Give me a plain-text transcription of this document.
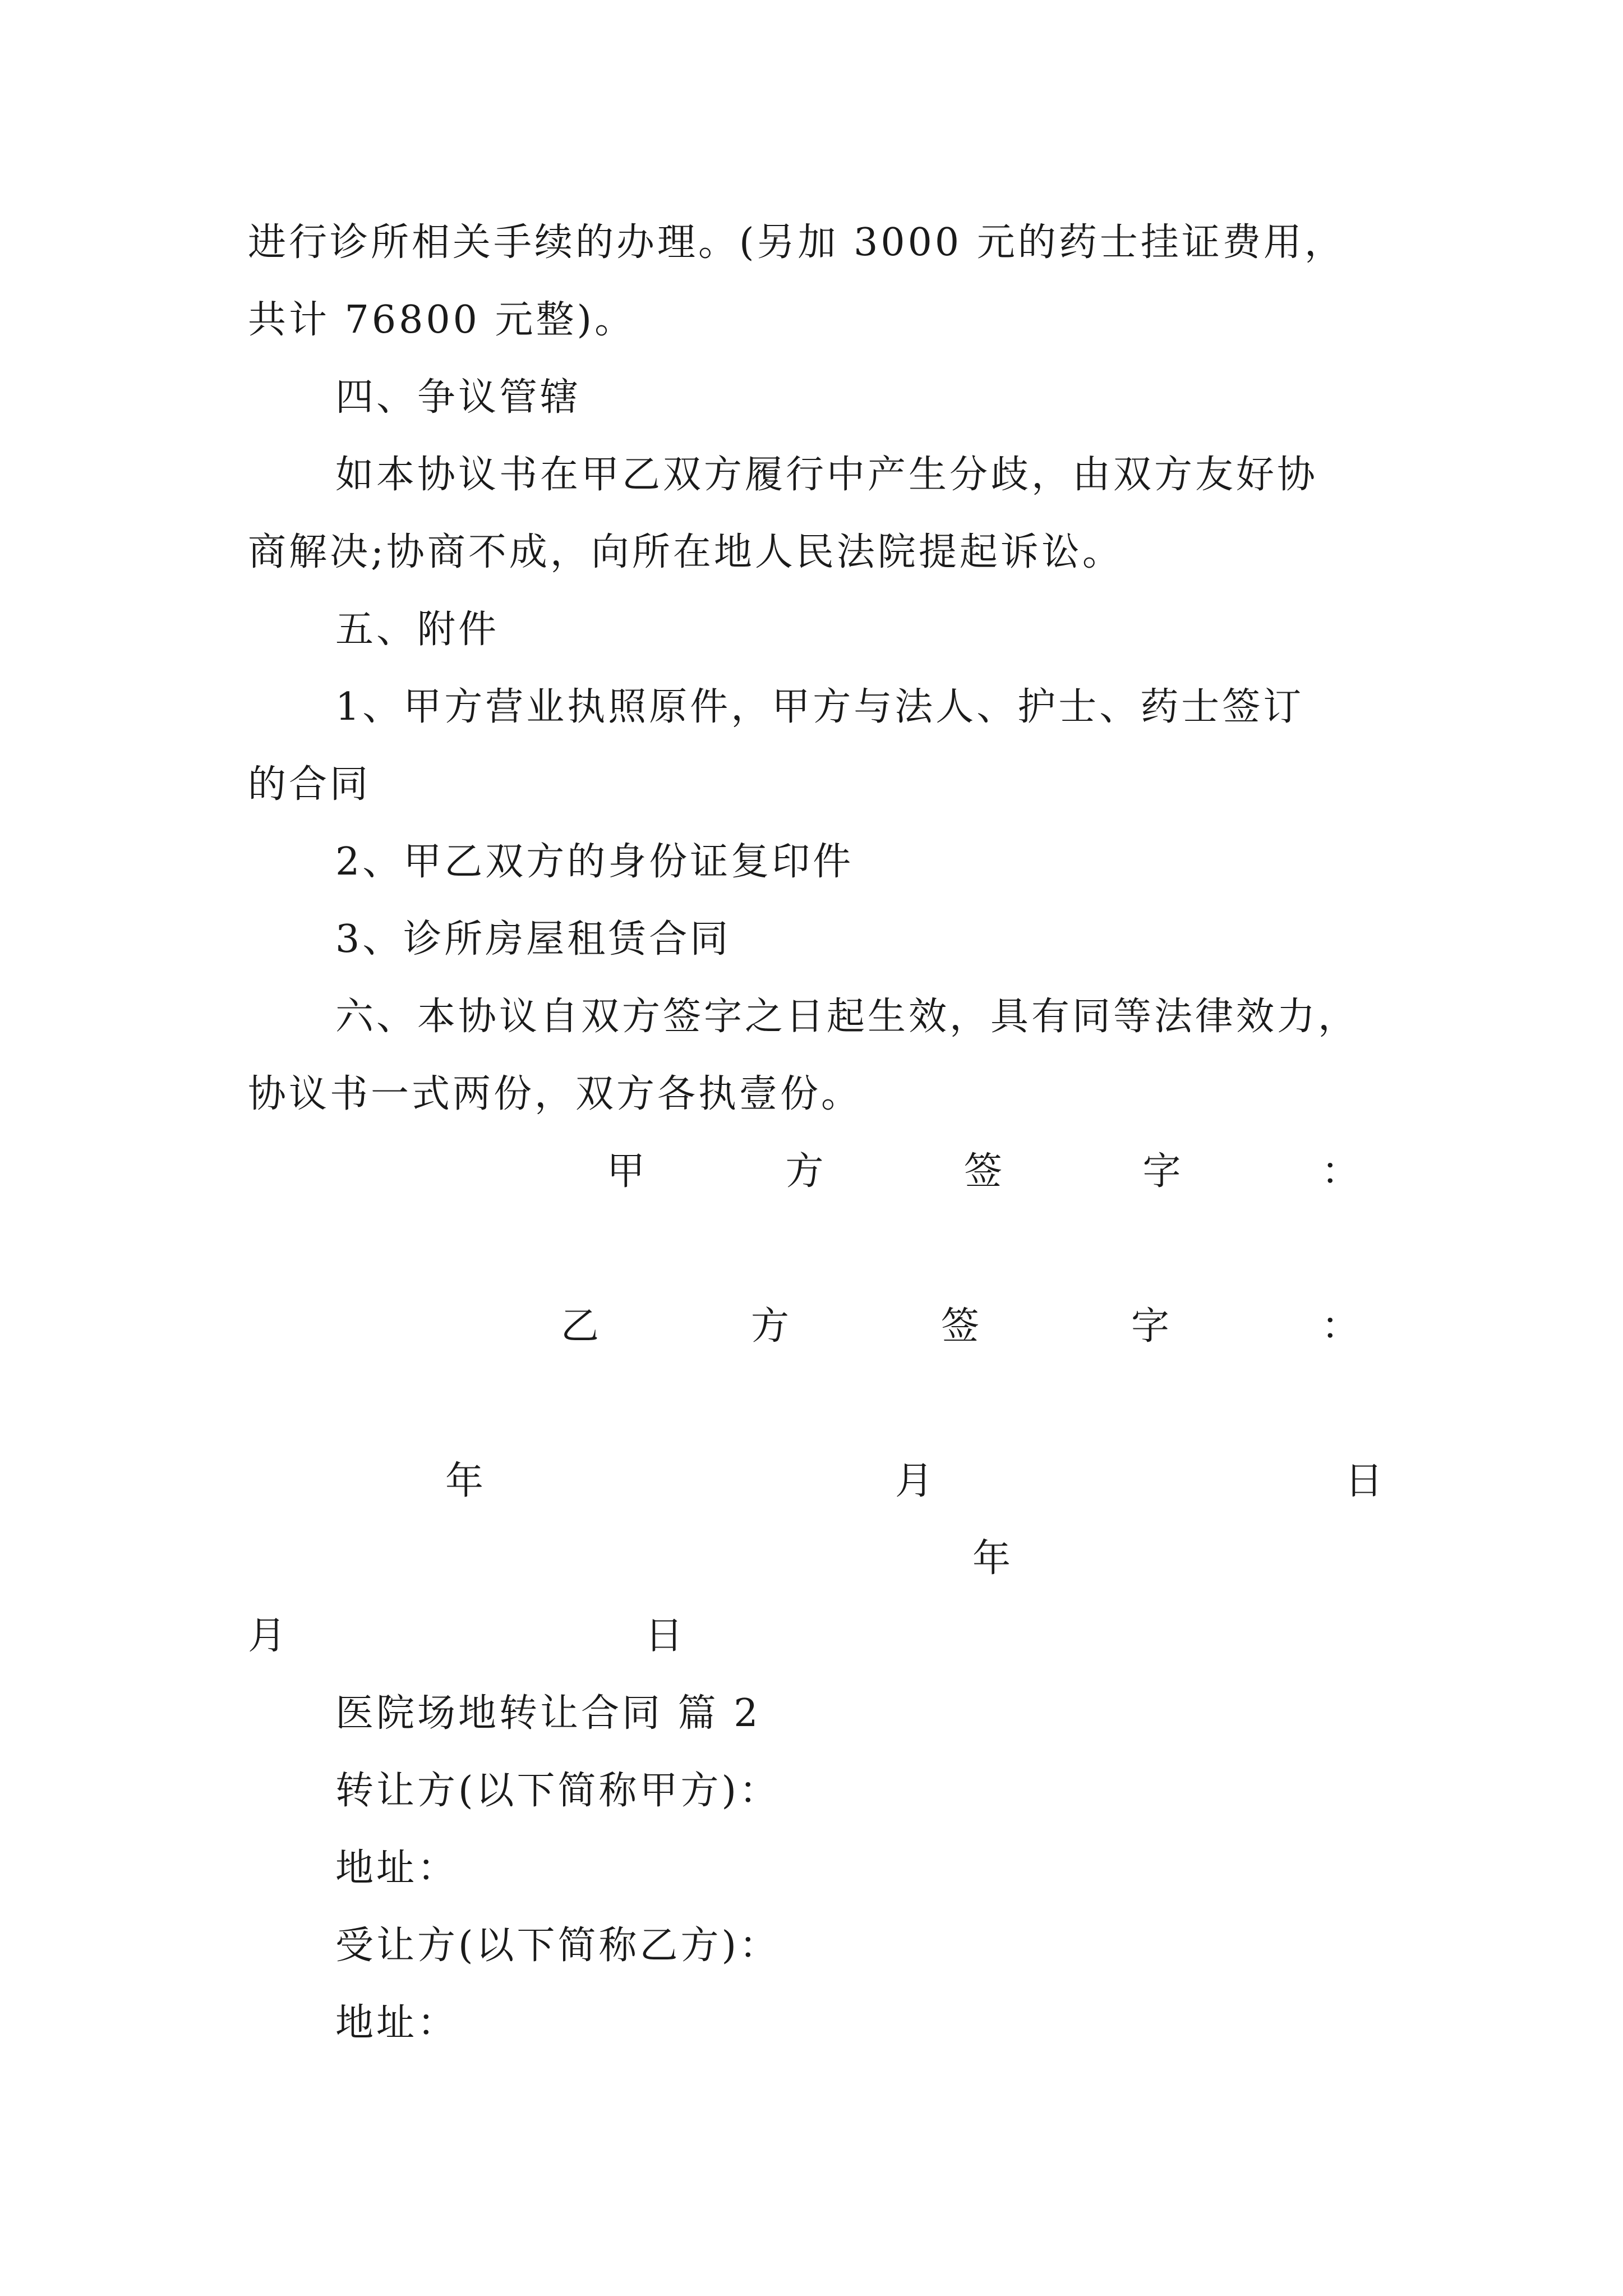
进行诊所相关手续的办理。(另加 3000 元的药士挂证费用，
共计 76800 元整)。
四、争议管辖
如本协议书在甲乙双方履行中产生分歧，由双方友好协
商解决;协商不成，向所在地人民法院提起诉讼。
五、附件
1、甲方营业执照原件，甲方与法人、护士、药士签订
的合同
2、甲乙双方的身份证复印件
3、诊所房屋租赁合同
六、本协议自双方签字之日起生效，具有同等法律效力，
协议书一式两份，双方各执壹份。
甲	方	签	字	：
乙	方	签	字	：
年	月	日
年
月	日
医院场地转让合同 篇 2
转让方(以下简称甲方)：
地址：
受让方(以下简称乙方)：
地址：
